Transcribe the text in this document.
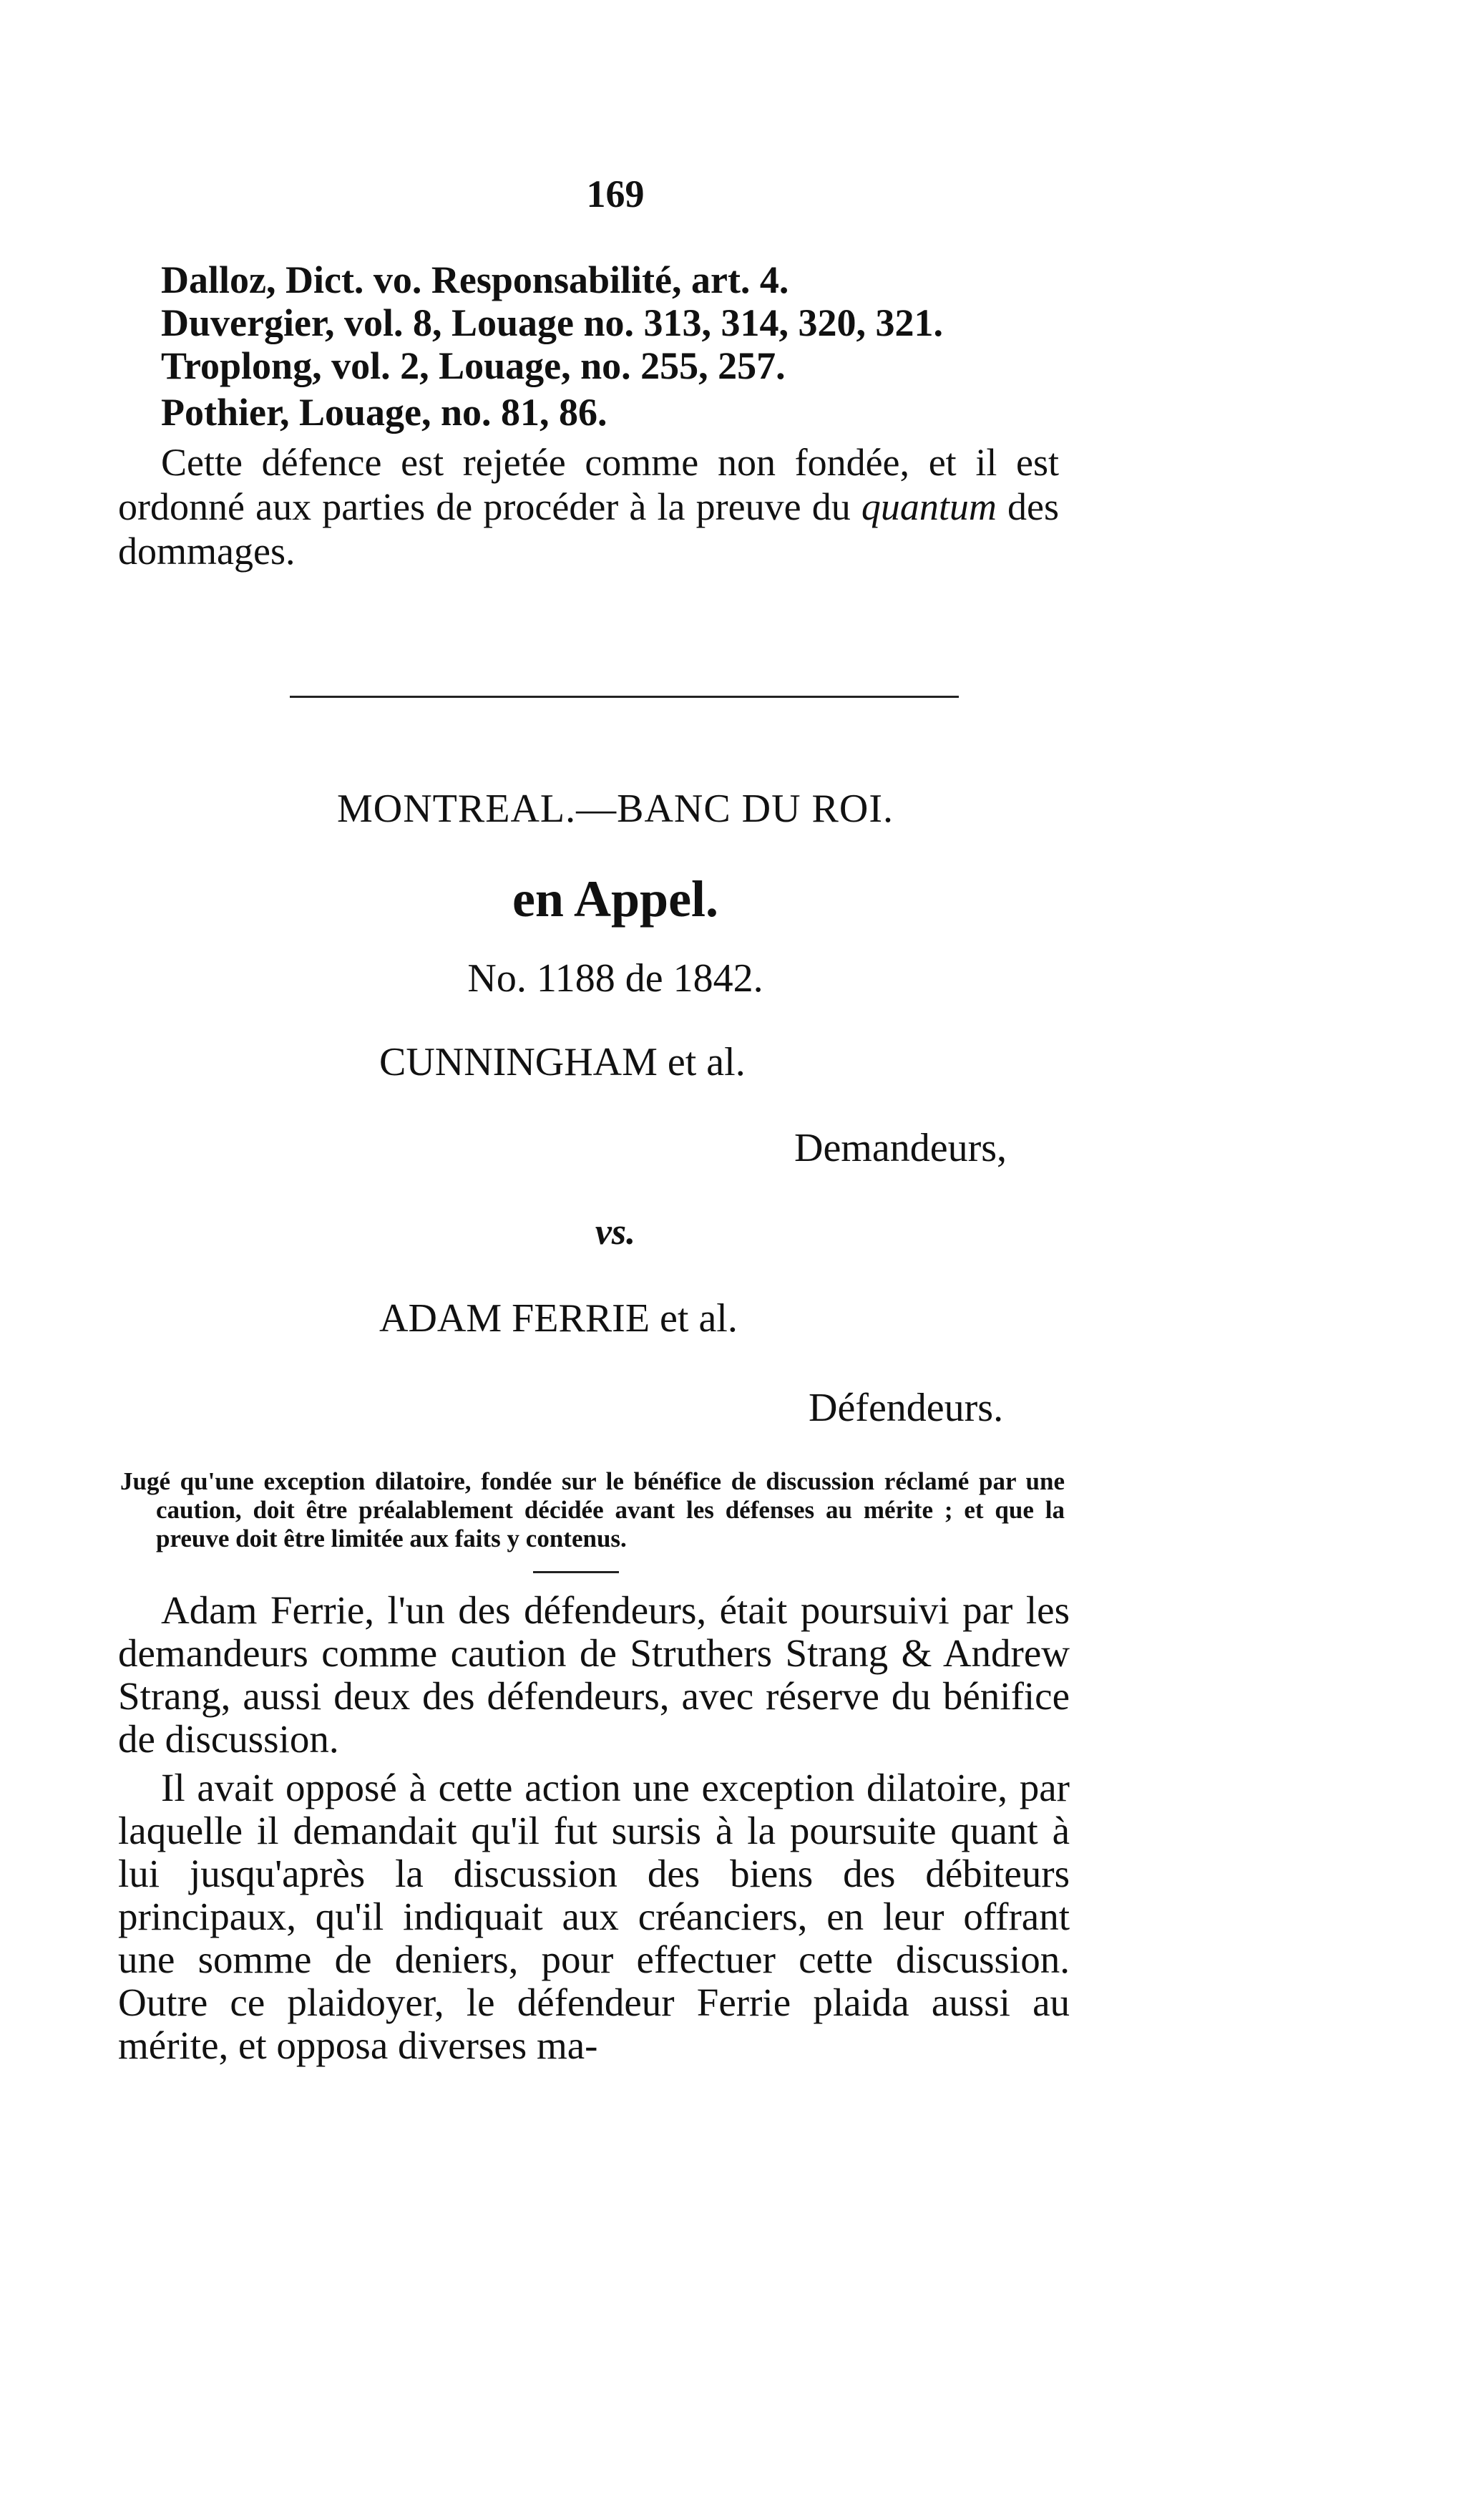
169
Dalloz, Dict. vo. Responsabilité, art. 4.
Duvergier, vol. 8, Louage no. 313, 314, 320, 321.
Troplong, vol. 2, Louage, no. 255, 257.
Pothier, Louage, no. 81, 86.
Cette défence est rejetée comme non fondée, et il est ordonné aux parties de procéder à la preuve du quantum des dommages.
MONTREAL.—BANC DU ROI.
en Appel.
No. 1188 de 1842.
CUNNINGHAM et al.
Demandeurs,
vs.
ADAM FERRIE et al.
Défendeurs.
Jugé qu'une exception dilatoire, fondée sur le bénéfice de discussion réclamé par une caution, doit être préalablement décidée avant les défenses au mérite ; et que la preuve doit être limitée aux faits y contenus.

Adam Ferrie, l'un des défendeurs, était poursuivi par les demandeurs comme caution de Struthers Strang & Andrew Strang, aussi deux des défendeurs, avec réserve du bénifice de discussion.

Il avait opposé à cette action une exception dilatoire, par laquelle il demandait qu'il fut sursis à la poursuite quant à lui jusqu'après la discussion des biens des débiteurs principaux, qu'il indiquait aux créanciers, en leur offrant une somme de deniers, pour effectuer cette discussion. Outre ce plaidoyer, le défendeur Ferrie plaida aussi au mérite, et opposa diverses ma-
